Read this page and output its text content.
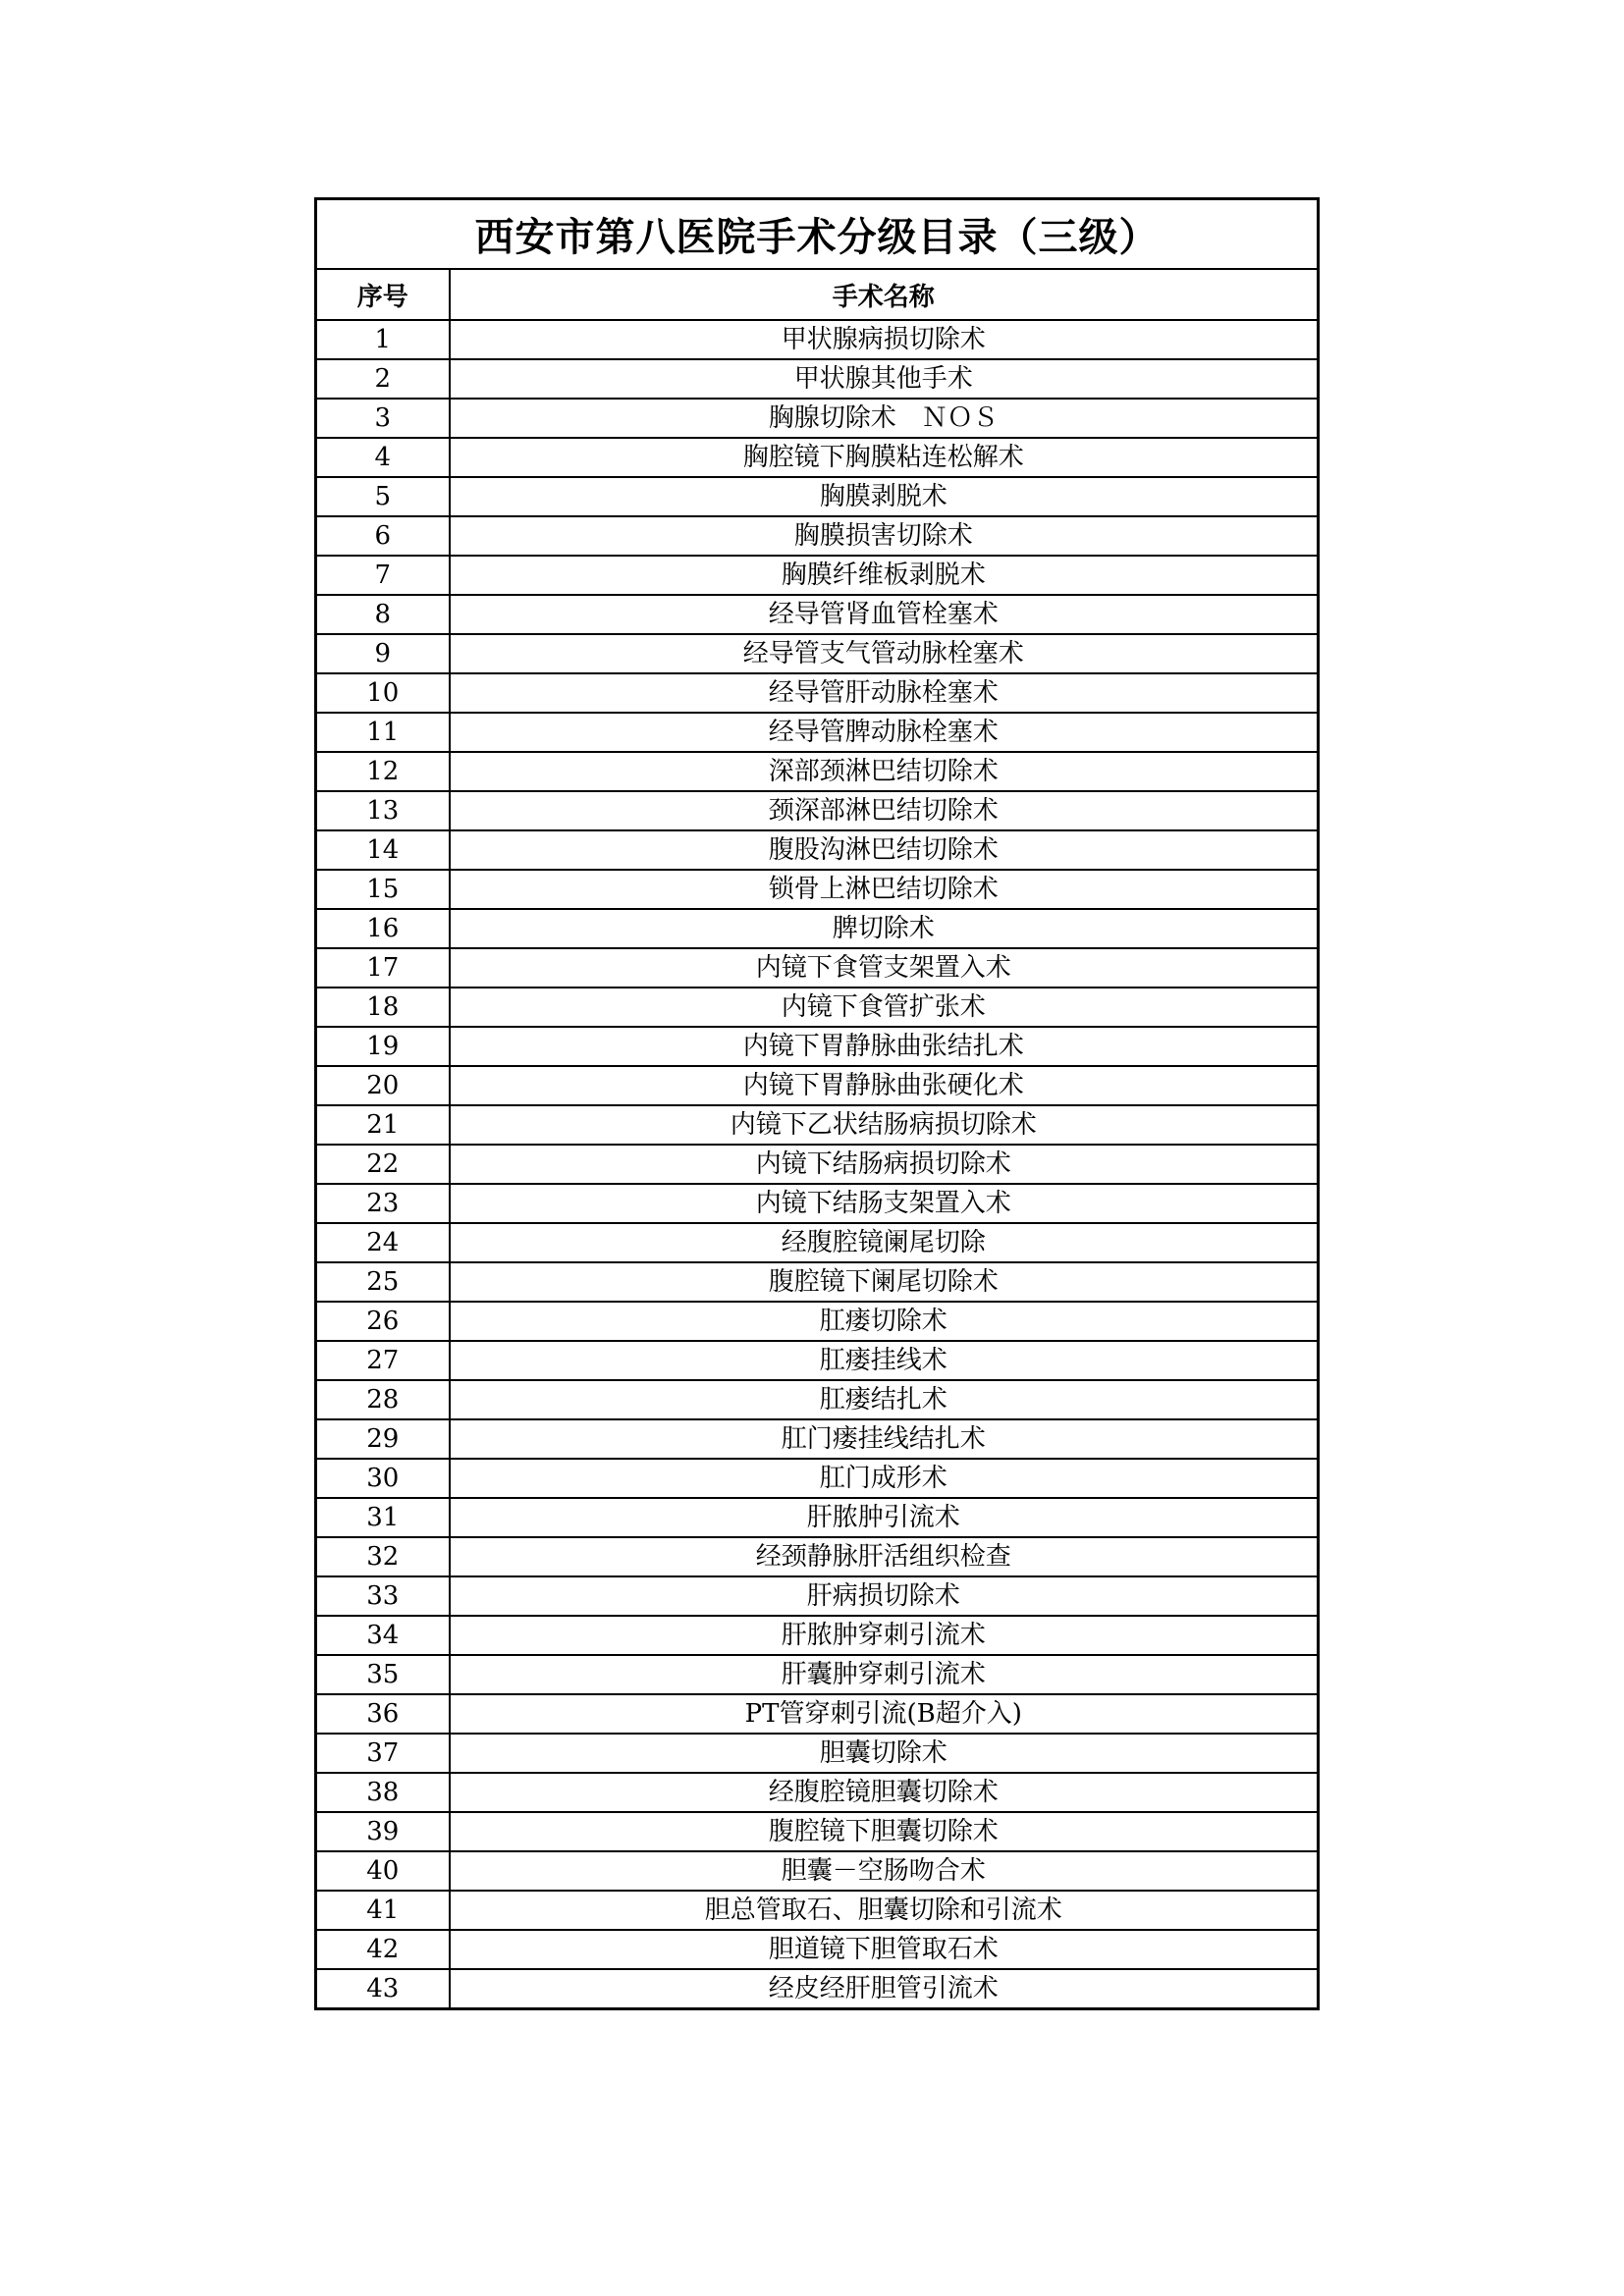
西安市第八医院手术分级目录（三级）	
序号	手术名称
1	甲状腺病损切除术
2	甲状腺其他手术
3	胸腺切除术　ＮＯＳ
4	胸腔镜下胸膜粘连松解术
5	胸膜剥脱术
6	胸膜损害切除术
7	胸膜纤维板剥脱术
8	经导管肾血管栓塞术
9	经导管支气管动脉栓塞术
10	经导管肝动脉栓塞术
11	经导管脾动脉栓塞术
12	深部颈淋巴结切除术
13	颈深部淋巴结切除术
14	腹股沟淋巴结切除术
15	锁骨上淋巴结切除术
16	脾切除术
17	内镜下食管支架置入术
18	内镜下食管扩张术
19	内镜下胃静脉曲张结扎术
20	内镜下胃静脉曲张硬化术
21	内镜下乙状结肠病损切除术
22	内镜下结肠病损切除术
23	内镜下结肠支架置入术
24	经腹腔镜阑尾切除
25	腹腔镜下阑尾切除术
26	肛瘘切除术
27	肛瘘挂线术
28	肛瘘结扎术
29	肛门瘘挂线结扎术
30	肛门成形术
31	肝脓肿引流术
32	经颈静脉肝活组织检查
33	肝病损切除术
34	肝脓肿穿刺引流术
35	肝囊肿穿刺引流术
36	PT管穿刺引流(B超介入)
37	胆囊切除术
38	经腹腔镜胆囊切除术
39	腹腔镜下胆囊切除术
40	胆囊－空肠吻合术
41	胆总管取石、胆囊切除和引流术
42	胆道镜下胆管取石术
43	经皮经肝胆管引流术
